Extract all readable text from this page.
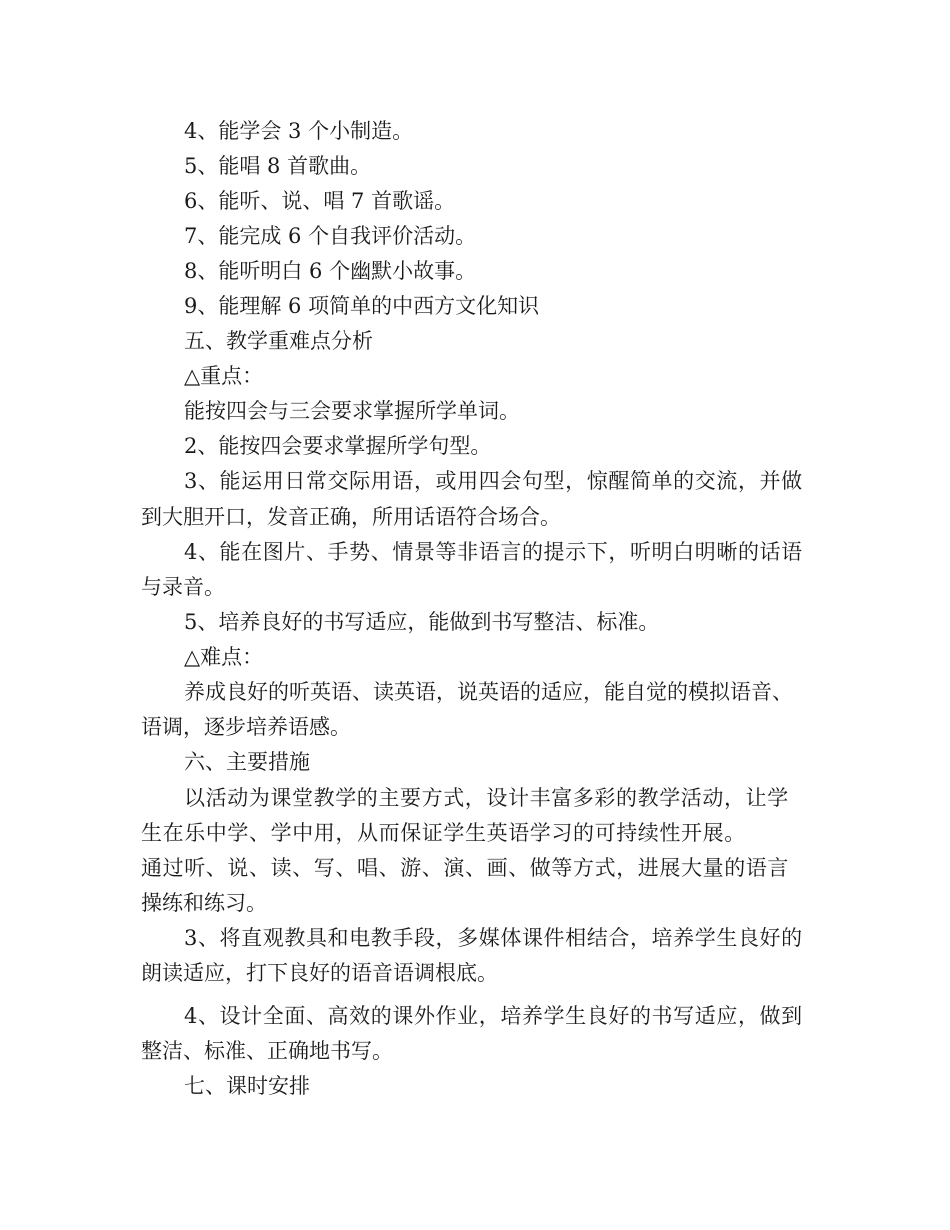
4、能学会 3 个小制造。
5、能唱 8 首歌曲。
6、能听、说、唱 7 首歌谣。
7、能完成 6 个自我评价活动。
8、能听明白 6 个幽默小故事。
9、能理解 6 项简单的中西方文化知识
五、教学重难点分析
△重点：
能按四会与三会要求掌握所学单词。
2、能按四会要求掌握所学句型。
3、能运用日常交际用语，或用四会句型，惊醒简单的交流，并做
到大胆开口，发音正确，所用话语符合场合。
4、能在图片、手势、情景等非语言的提示下，听明白明晰的话语
与录音。
5、培养良好的书写适应，能做到书写整洁、标准。
△难点：
养成良好的听英语、读英语，说英语的适应，能自觉的模拟语音、
语调，逐步培养语感。
六、主要措施
以活动为课堂教学的主要方式，设计丰富多彩的教学活动，让学
生在乐中学、学中用，从而保证学生英语学习的可持续性开展。
通过听、说、读、写、唱、游、演、画、做等方式，进展大量的语言
操练和练习。
3、将直观教具和电教手段，多媒体课件相结合，培养学生良好的
朗读适应，打下良好的语音语调根底。
4、设计全面、高效的课外作业，培养学生良好的书写适应，做到
整洁、标准、正确地书写。
七、课时安排
